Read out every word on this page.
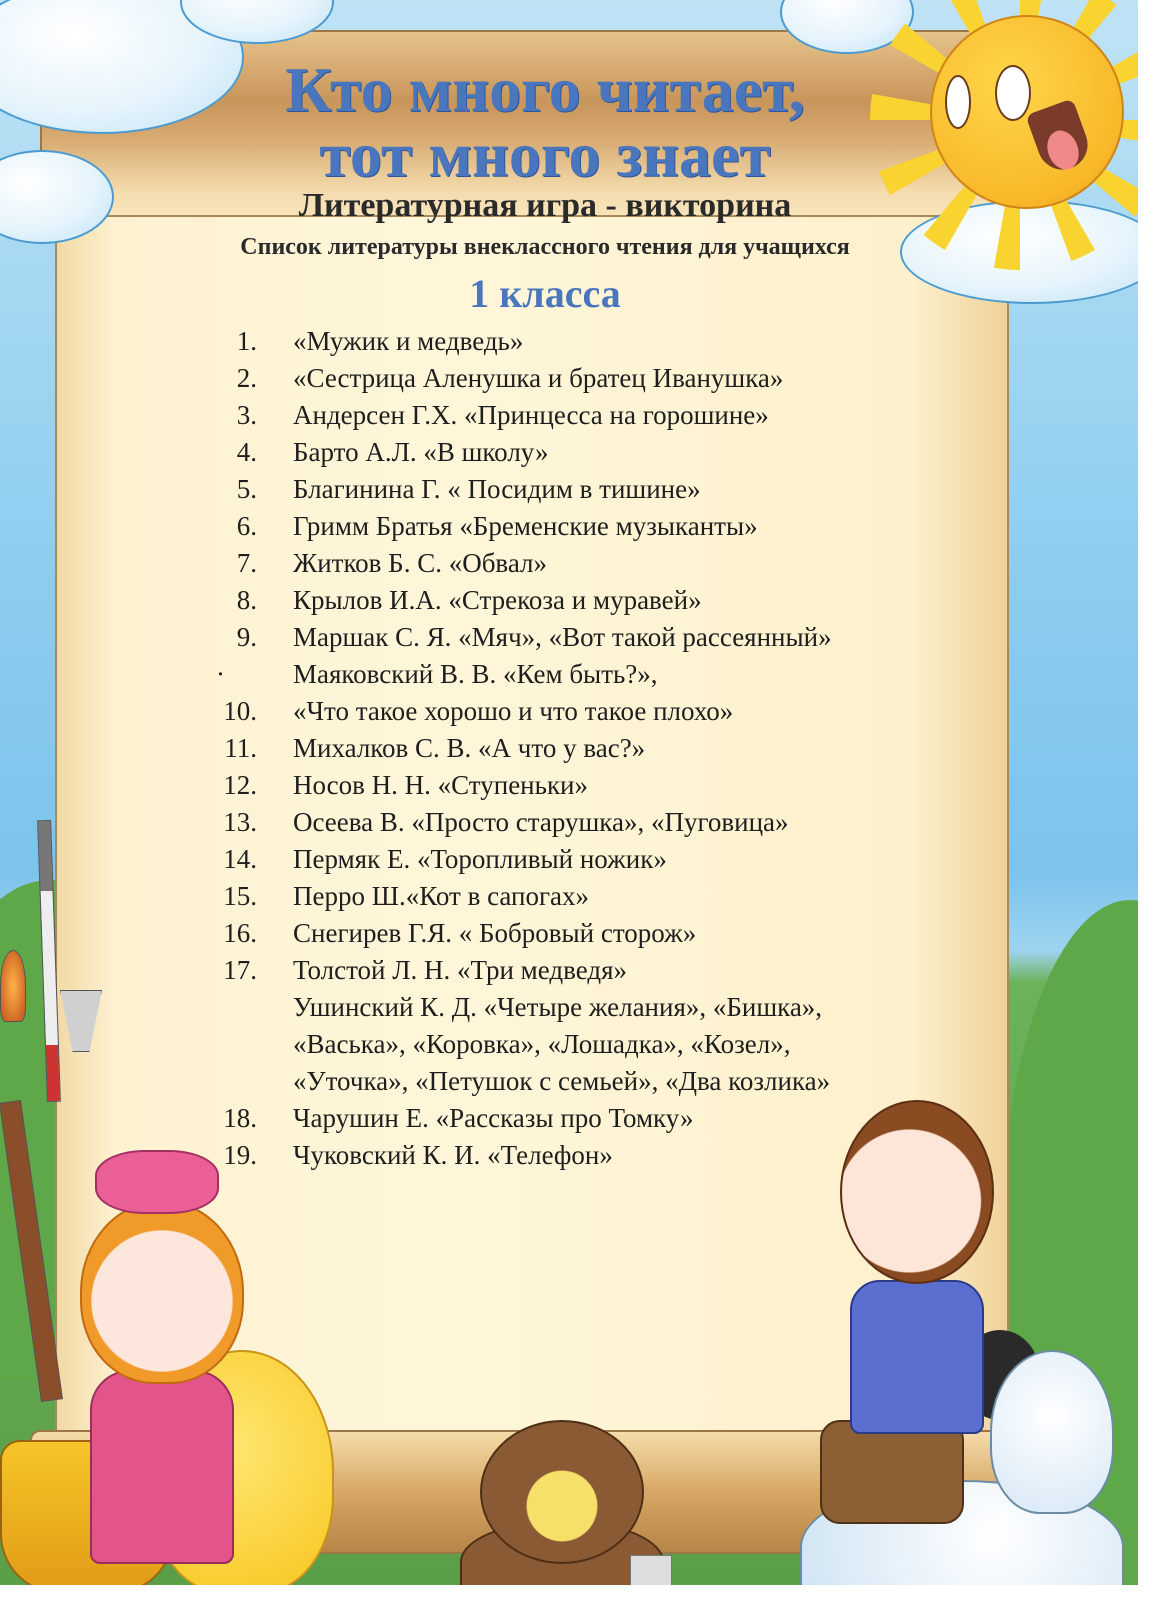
Кто много читает,
тот много знает
Литературная игра - викторина
Список литературы внеклассного чтения для учащихся
1 класса
1. «Мужик и медведь»
2. «Сестрица Аленушка и братец Иванушка»
3. Андерсен Г.Х. «Принцесса на горошине»
4. Барто А.Л. «В школу»
5. Благинина Г. « Посидим в тишине»
6. Гримм Братья «Бременские музыканты»
7. Житков Б. С. «Обвал»
8. Крылов И.А. «Стрекоза и муравей»
9. Маршак С. Я. «Мяч», «Вот такой рассеянный»
·	Маяковский В. В. «Кем быть?»,
10. «Что такое хорошо и что такое плохо»
11. Михалков С. В. «А что у вас?»
12. Носов Н. Н. «Ступеньки»
13. Осеева В. «Просто старушка», «Пуговица»
14. Пермяк Е. «Торопливый ножик»
15. Перро Ш.«Кот в сапогах»
16. Снегирев Г.Я. « Бобровый сторож»
17. Толстой Л. Н. «Три медведя»
Ушинский К. Д. «Четыре желания», «Бишка»,
«Васька», «Коровка», «Лошадка», «Козел»,
«Уточка», «Петушок с семьей», «Два козлика»
18. Чарушин Е. «Рассказы про Томку»
19. Чуковский К. И. «Телефон»
